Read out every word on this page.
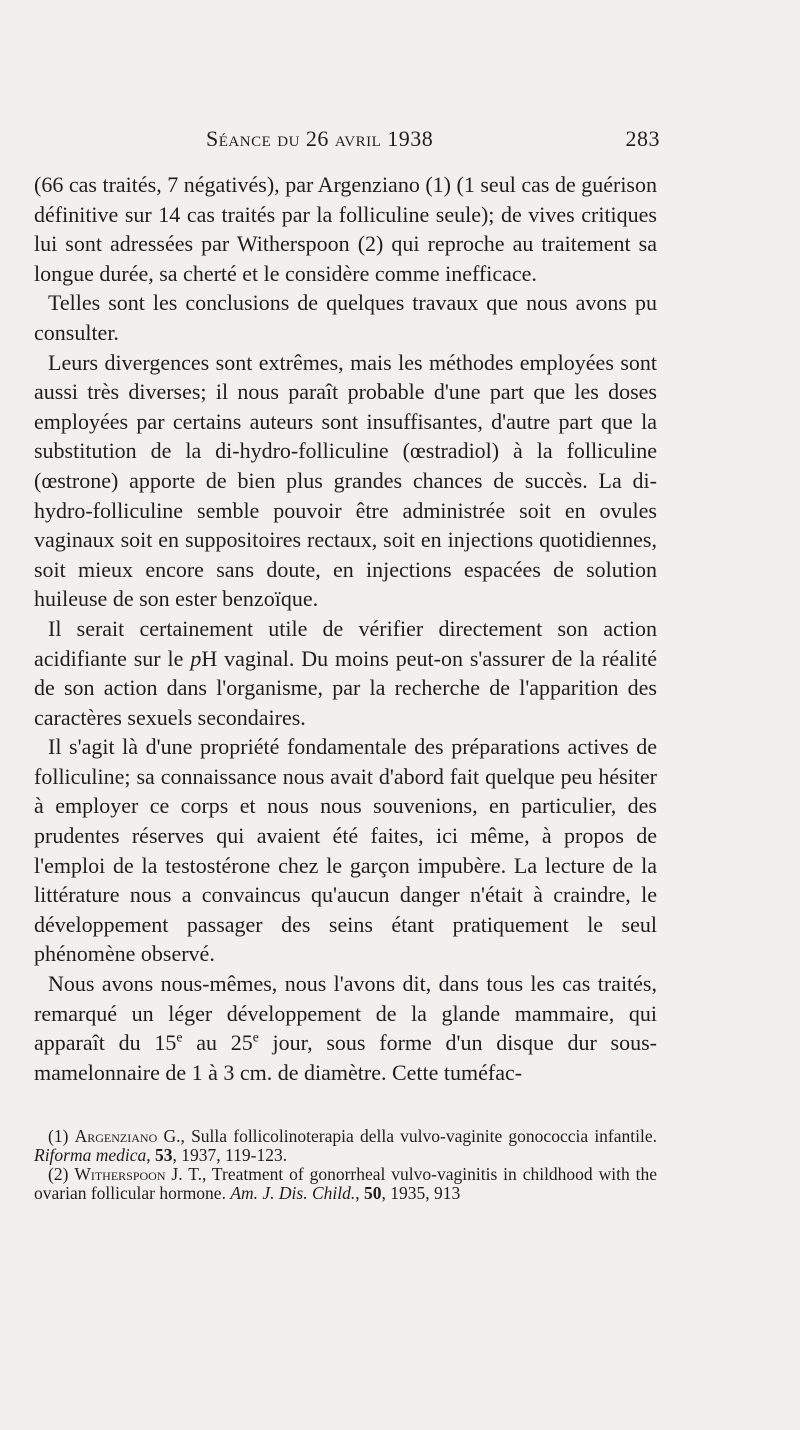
Séance du 26 avril 1938	283

(66 cas traités, 7 négativés), par Argenziano (1) (1 seul cas de guérison définitive sur 14 cas traités par la folliculine seule); de vives critiques lui sont adressées par Witherspoon (2) qui reproche au traitement sa longue durée, sa cherté et le considère comme inefficace.

Telles sont les conclusions de quelques travaux que nous avons pu consulter.

Leurs divergences sont extrêmes, mais les méthodes employées sont aussi très diverses; il nous paraît probable d'une part que les doses employées par certains auteurs sont insuffisantes, d'autre part que la substitution de la di-hydro-folliculine (œstradiol) à la folliculine (œstrone) apporte de bien plus grandes chances de succès. La di-hydro-folliculine semble pouvoir être administrée soit en ovules vaginaux soit en suppositoires rectaux, soit en injections quotidiennes, soit mieux encore sans doute, en injections espacées de solution huileuse de son ester benzoïque.

Il serait certainement utile de vérifier directement son action acidifiante sur le pH vaginal. Du moins peut-on s'assurer de la réalité de son action dans l'organisme, par la recherche de l'apparition des caractères sexuels secondaires.

Il s'agit là d'une propriété fondamentale des préparations actives de folliculine; sa connaissance nous avait d'abord fait quelque peu hésiter à employer ce corps et nous nous souvenions, en particulier, des prudentes réserves qui avaient été faites, ici même, à propos de l'emploi de la testostérone chez le garçon impubère. La lecture de la littérature nous a convaincus qu'aucun danger n'était à craindre, le développement passager des seins étant pratiquement le seul phénomène observé.

Nous avons nous-mêmes, nous l'avons dit, dans tous les cas traités, remarqué un léger développement de la glande mammaire, qui apparaît du 15e au 25e jour, sous forme d'un disque dur sous-mamelonnaire de 1 à 3 cm. de diamètre. Cette tuméfac-

(1) Argenziano G., Sulla follicolinoterapia della vulvo-vaginite gonococcia infantile. Riforma medica, 53, 1937, 119-123.

(2) Witherspoon J. T., Treatment of gonorrheal vulvo-vaginitis in childhood with the ovarian follicular hormone. Am. J. Dis. Child., 50, 1935, 913
